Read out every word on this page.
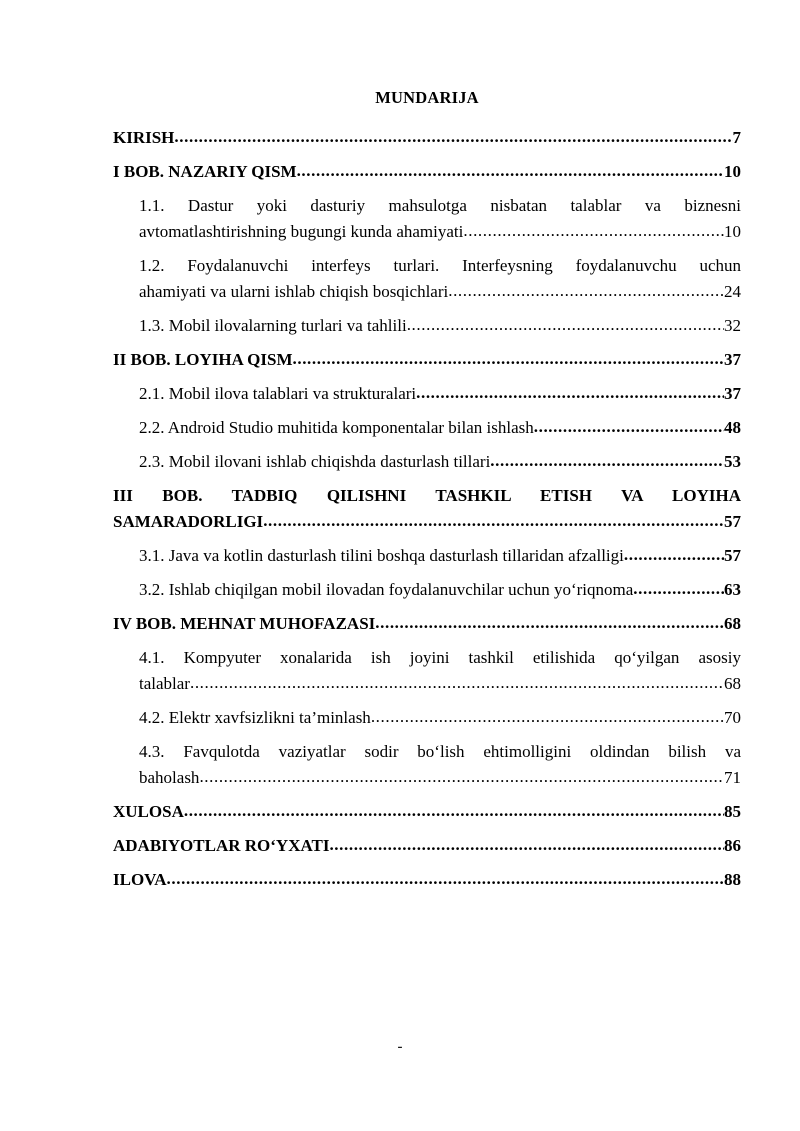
MUNDARIJA
KIRISH .....	7
I BOB. NAZARIY QISM .....	10
1.1. Dastur yoki dasturiy mahsulotga nisbatan talablar va biznesni
avtomatlashtirishning bugungi kunda ahamiyati .....	10
1.2. Foydalanuvchi interfeys turlari. Interfeysning foydalanuvchu uchun
ahamiyati va ularni ishlab chiqish bosqichlari .....	24
1.3. Mobil ilovalarning turlari va tahlili .....	32
II BOB. LOYIHA QISM .....	37
2.1. Mobil ilova talablari va strukturalari .....	37
2.2. Android Studio muhitida komponentalar bilan ishlash .....	48
2.3. Mobil ilovani ishlab chiqishda dasturlash tillari .....	53
III BOB. TADBIQ QILISHNI TASHKIL ETISH VA LOYIHA
SAMARADORLIGI .....	57
3.1. Java va kotlin dasturlash tilini boshqa dasturlash tillaridan afzalligi .....	57
3.2. Ishlab chiqilgan mobil ilovadan foydalanuvchilar uchun yo‘riqnoma .....	63
IV BOB. MEHNAT MUHOFAZASI .....	68
4.1. Kompyuter xonalarida ish joyini tashkil etilishida qo‘yilgan asosiy
talablar .....	68
4.2. Elektr xavfsizlikni ta’minlash .....	70
4.3. Favqulotda vaziyatlar sodir bo‘lish ehtimolligini oldindan bilish va
baholash .....	71
XULOSA .....	85
ADABIYOTLAR RO‘YXATI .....	86
ILOVA .....	88
-
